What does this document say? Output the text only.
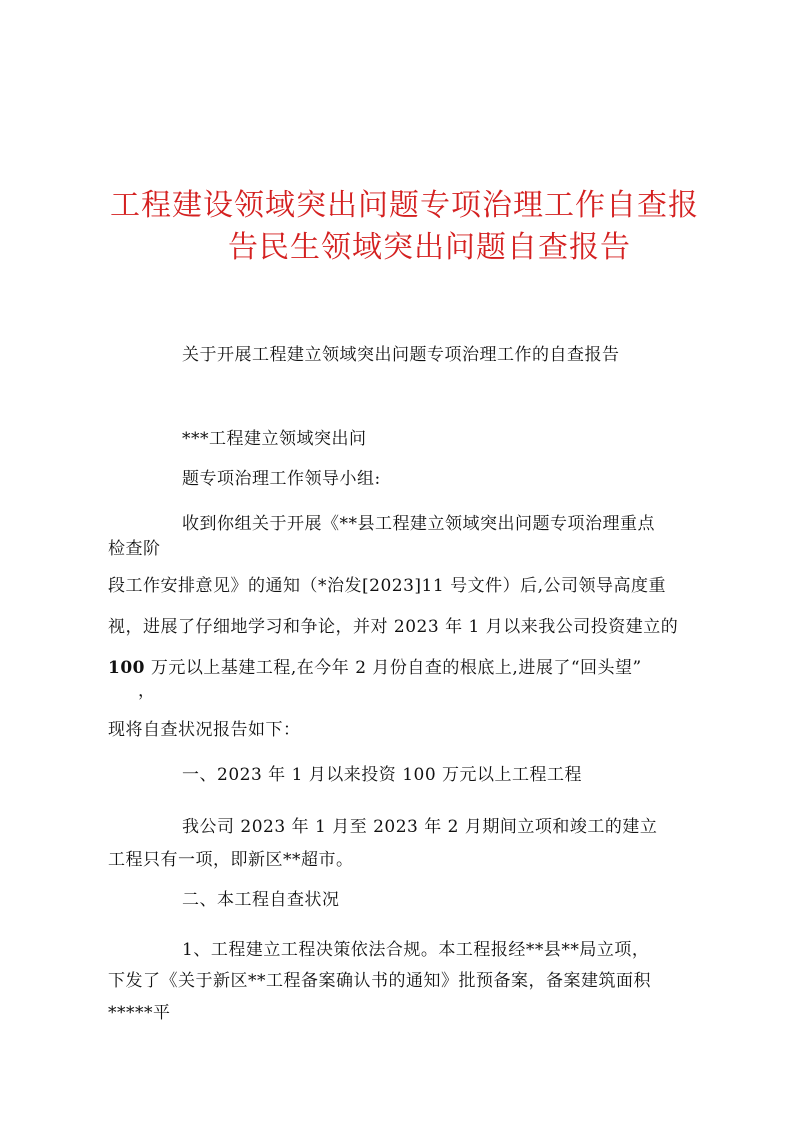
工程建设领域突出问题专项治理工作自查报
告民生领域突出问题自查报告
关于开展工程建立领域突出问题专项治理工作的自查报告
***工程建立领域突出问
题专项治理工作领导小组:
收到你组关于开展《**县工程建立领域突出问题专项治理重点
检查阶
段工作安排意见》的通知（*治发[2023]11 号文件）后,公司领导高度重
视，进展了仔细地学习和争论，并对 2023 年 1 月以来我公司投资建立的
100 万元以上基建工程,在今年 2 月份自查的根底上,进展了“回头望”
，
现将自查状况报告如下：
一、2023 年 1 月以来投资 100 万元以上工程工程
我公司 2023 年 1 月至 2023 年 2 月期间立项和竣工的建立
工程只有一项，即新区**超市。
二、本工程自查状况
1、工程建立工程决策依法合规。本工程报经**县**局立项，
下发了《关于新区**工程备案确认书的通知》批预备案，备案建筑面积
*****平
